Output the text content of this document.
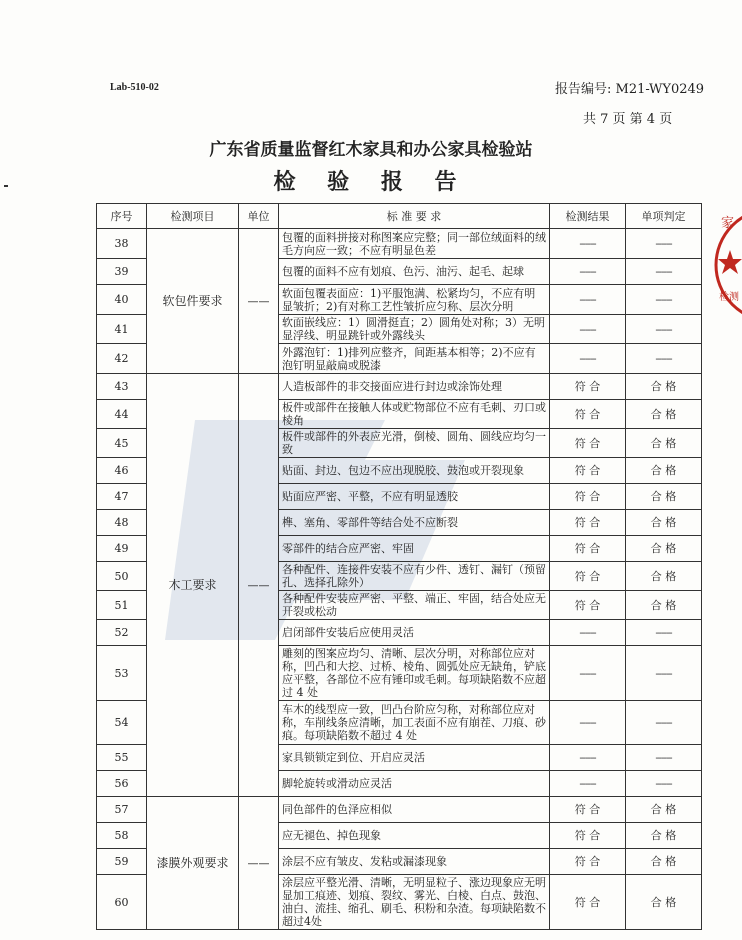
Lab-510-02	报告编号: M21-WY0249
共 7 页 第 4 页
广东省质量监督红木家具和办公家具检验站
检 验 报 告
家
检测
序号	检测项目	单位	标 准 要 求	检测结果	单项判定
38	软包件要求	——	包覆的面料拼接对称图案应完整；同一部位绒面料的绒毛方向应一致；不应有明显色差	------	------
39			包覆的面料不应有划痕、色污、油污、起毛、起球	------	------
40			软面包覆表面应：1)平服饱满、松紧均匀，不应有明显皱折；2)有对称工艺性皱折应匀称、层次分明	------	------
41			软面嵌线应：1）圆滑挺直；2）圆角处对称；3）无明显浮线、明显跳针或外露线头	------	------
42			外露泡钉：1)排列应整齐，间距基本相等；2)不应有泡钉明显敲扁或脱漆	------	------
43	木工要求	——	人造板部件的非交接面应进行封边或涂饰处理	符 合	合 格
44			板件或部件在接触人体或贮物部位不应有毛刺、刃口或棱角	符 合	合 格
45			板件或部件的外表应光滑，倒棱、圆角、圆线应均匀一致	符 合	合 格
46			贴面、封边、包边不应出现脱胶、鼓泡或开裂现象	符 合	合 格
47			贴面应严密、平整，不应有明显透胶	符 合	合 格
48			榫、塞角、零部件等结合处不应断裂	符 合	合 格
49			零部件的结合应严密、牢固	符 合	合 格
50			各种配件、连接件安装不应有少件、透钉、漏钉（预留孔、选择孔除外）	符 合	合 格
51			各种配件安装应严密、平整、端正、牢固，结合处应无开裂或松动	符 合	合 格
52			启闭部件安装后应使用灵活	------	------
53			雕刻的图案应均匀、清晰、层次分明，对称部位应对称，凹凸和大挖、过桥、棱角、圆弧处应无缺角，铲底应平整，各部位不应有锤印或毛刺。每项缺陷数不应超过 4 处	------	------
54			车木的线型应一致，凹凸台阶应匀称，对称部位应对称，车削线条应清晰，加工表面不应有崩茬、刀痕、砂痕。每项缺陷数不超过 4 处	------	------
55			家具锁锁定到位、开启应灵活	------	------
56			脚轮旋转或滑动应灵活	------	------
57	漆膜外观要求	——	同色部件的色泽应相似	符 合	合 格
58			应无褪色、掉色现象	符 合	合 格
59			涂层不应有皱皮、发粘或漏漆现象	符 合	合 格
60			涂层应平整光滑、清晰，无明显粒子、涨边现象应无明显加工痕迹、划痕、裂纹、雾光、白棱、白点、鼓泡、油白、流挂、缩孔、刷毛、积粉和杂渣。每项缺陷数不超过4处	符 合	合 格
